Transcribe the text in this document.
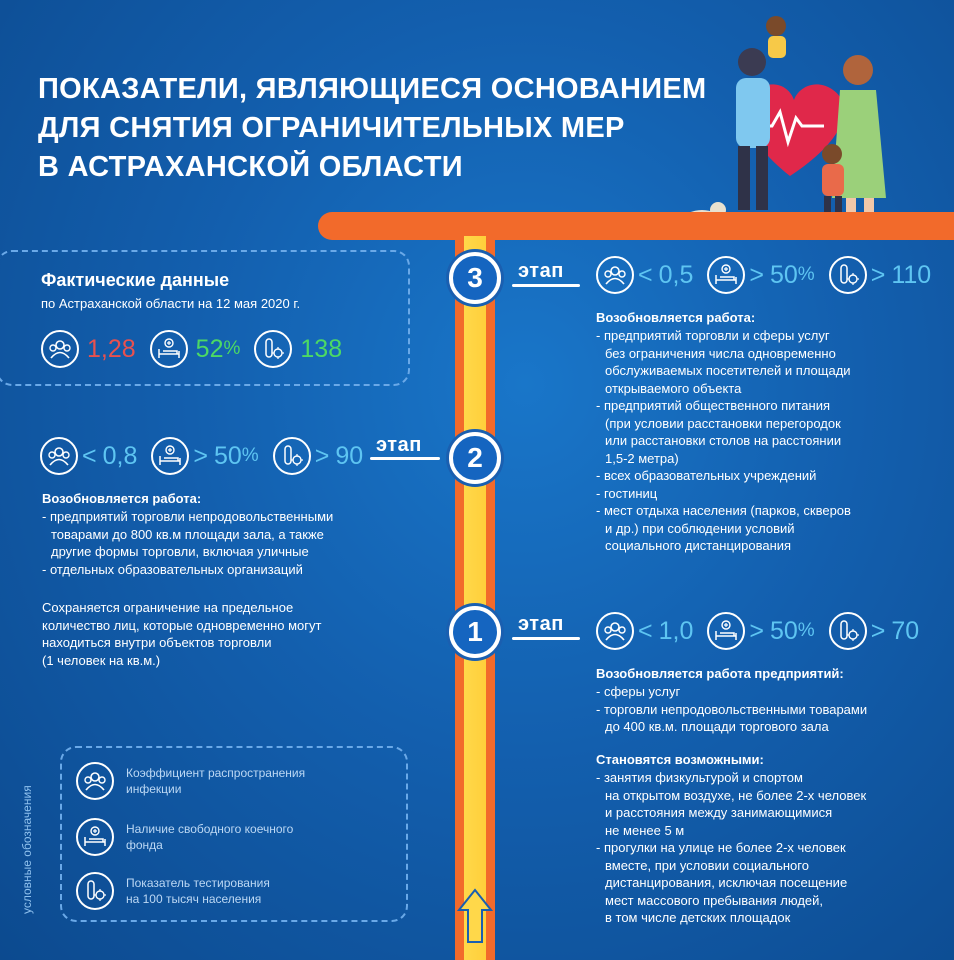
ПОКАЗАТЕЛИ, ЯВЛЯЮЩИЕСЯ ОСНОВАНИЕМ
ДЛЯ СНЯТИЯ ОГРАНИЧИТЕЛЬНЫХ МЕР
В АСТРАХАНСКОЙ ОБЛАСТИ
Фактические данные
по Астраханской области на 12 мая 2020 г.
1,28 52 % 138
3	этап	< 0,5 > 50 % > 110
Возобновляется работа:
- предприятий торговли и сферы услуг
без ограничения числа одновременно
обслуживаемых посетителей и площади
открываемого объекта
- предприятий общественного питания
(при условии расстановки перегородок
или расстановки столов на расстоянии
1,5-2 метра)
- всех образовательных учреждений
- гостиниц
- мест отдыха населения (парков, скверов
и др.) при соблюдении условий
социального дистанцирования
< 0,8 > 50 % > 90 этап	2
Возобновляется работа:
- предприятий торговли непродовольственными
товарами до 800 кв.м площади зала, а также
другие формы торговли, включая уличные
- отдельных образовательных организаций
Сохраняется ограничение на предельное
количество лиц, которые одновременно могут
находиться внутри объектов торговли
(1 человек на кв.м.)
1	этап	< 1,0 > 50 % > 70
Возобновляется работа предприятий:
- сферы услуг
- торговли непродовольственными товарами
до 400 кв.м. площади торгового зала
Становятся возможными:
- занятия физкультурой и спортом
на открытом воздухе, не более 2-х человек
и расстояния между занимающимися
не менее 5 м
- прогулки на улице не более 2-х человек
вместе, при условии социального
дистанцирования, исключая посещение
мест массового пребывания людей,
в том числе детских площадок
условные обозначения
Коэффициент распространения
инфекции
Наличие свободного коечного
фонда
Показатель тестирования
на 100 тысяч населения
